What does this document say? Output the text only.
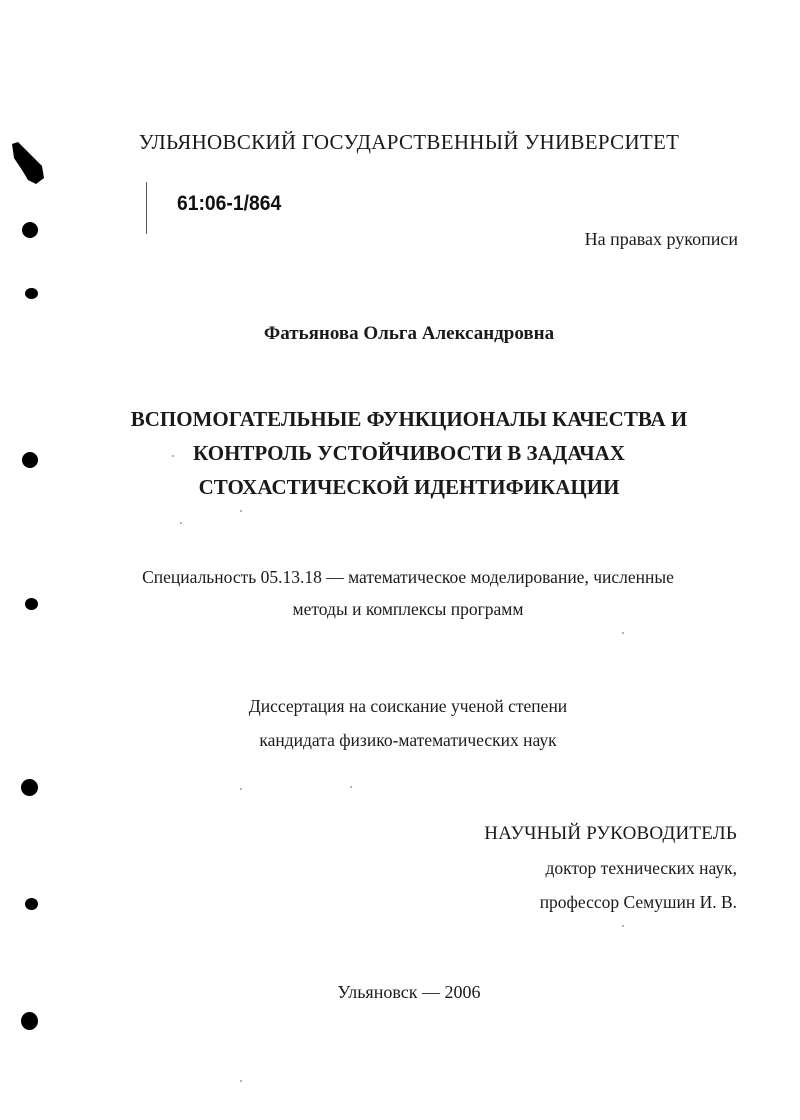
УЛЬЯНОВСКИЙ ГОСУДАРСТВЕННЫЙ УНИВЕРСИТЕТ
61:06-1/864
На правах рукописи
Фатьянова Ольга Александровна
ВСПОМОГАТЕЛЬНЫЕ ФУНКЦИОНАЛЫ КАЧЕСТВА И
КОНТРОЛЬ УСТОЙЧИВОСТИ В ЗАДАЧАХ
СТОХАСТИЧЕСКОЙ ИДЕНТИФИКАЦИИ
Специальность 05.13.18 — математическое моделирование, численные
методы и комплексы программ
Диссертация на соискание ученой степени
кандидата физико-математических наук
НАУЧНЫЙ РУКОВОДИТЕЛЬ
доктор технических наук,
профессор Семушин И. В.
Ульяновск — 2006
